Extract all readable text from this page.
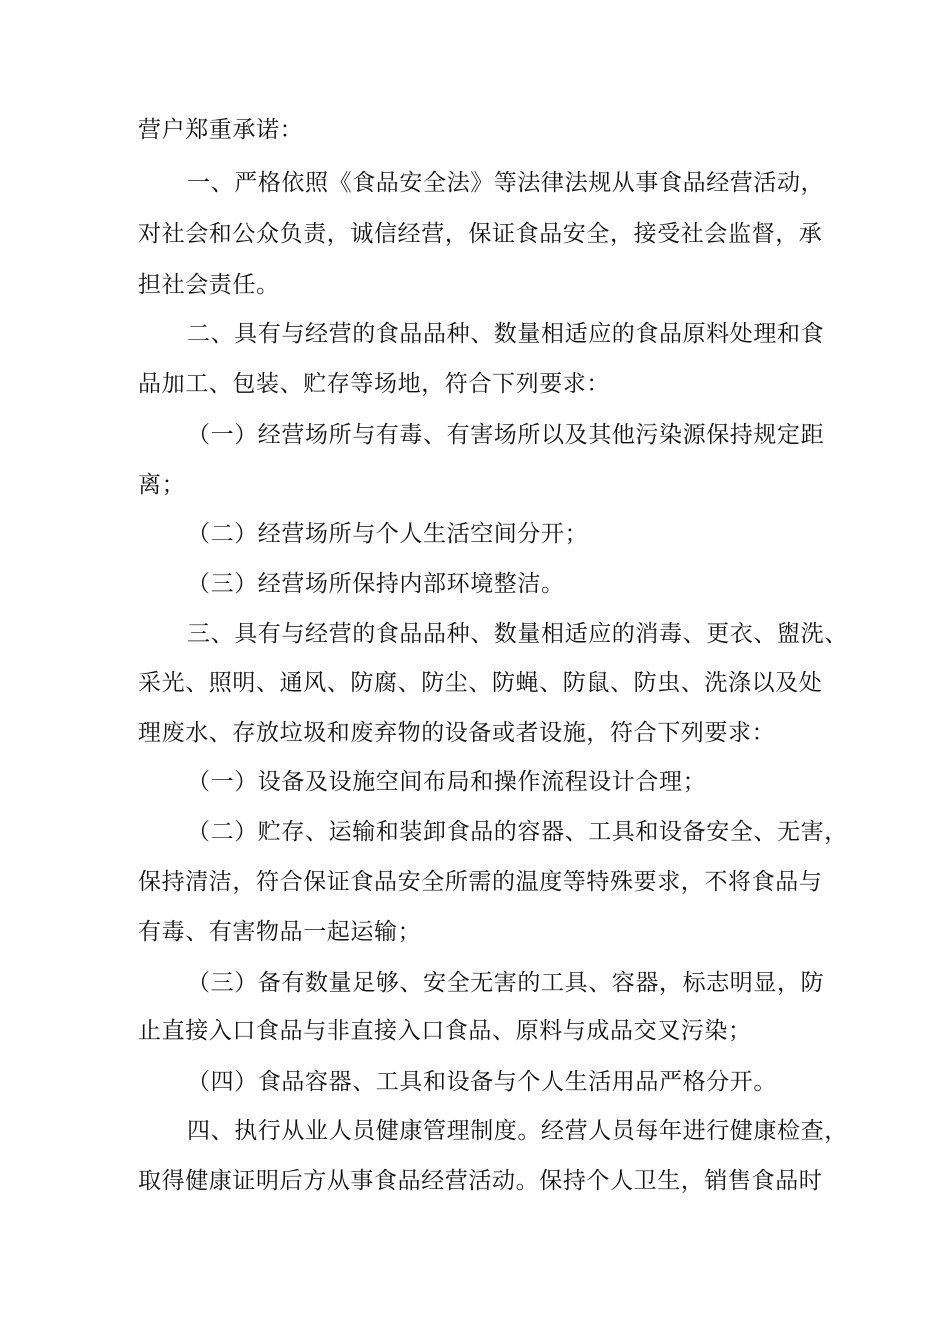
营户郑重承诺：
一、严格依照《食品安全法》等法律法规从事食品经营活动，
对社会和公众负责，诚信经营，保证食品安全，接受社会监督，承
担社会责任。
二、具有与经营的食品品种、数量相适应的食品原料处理和食
品加工、包装、贮存等场地，符合下列要求：
（一）经营场所与有毒、有害场所以及其他污染源保持规定距
离；
（二）经营场所与个人生活空间分开；
（三）经营场所保持内部环境整洁。
三、具有与经营的食品品种、数量相适应的消毒、更衣、盥洗、
采光、照明、通风、防腐、防尘、防蝇、防鼠、防虫、洗涤以及处
理废水、存放垃圾和废弃物的设备或者设施，符合下列要求：
（一）设备及设施空间布局和操作流程设计合理；
（二）贮存、运输和装卸食品的容器、工具和设备安全、无害，
保持清洁，符合保证食品安全所需的温度等特殊要求，不将食品与
有毒、有害物品一起运输；
（三）备有数量足够、安全无害的工具、容器，标志明显，防
止直接入口食品与非直接入口食品、原料与成品交叉污染；
（四）食品容器、工具和设备与个人生活用品严格分开。
四、执行从业人员健康管理制度。经营人员每年进行健康检查，
取得健康证明后方从事食品经营活动。保持个人卫生，销售食品时
